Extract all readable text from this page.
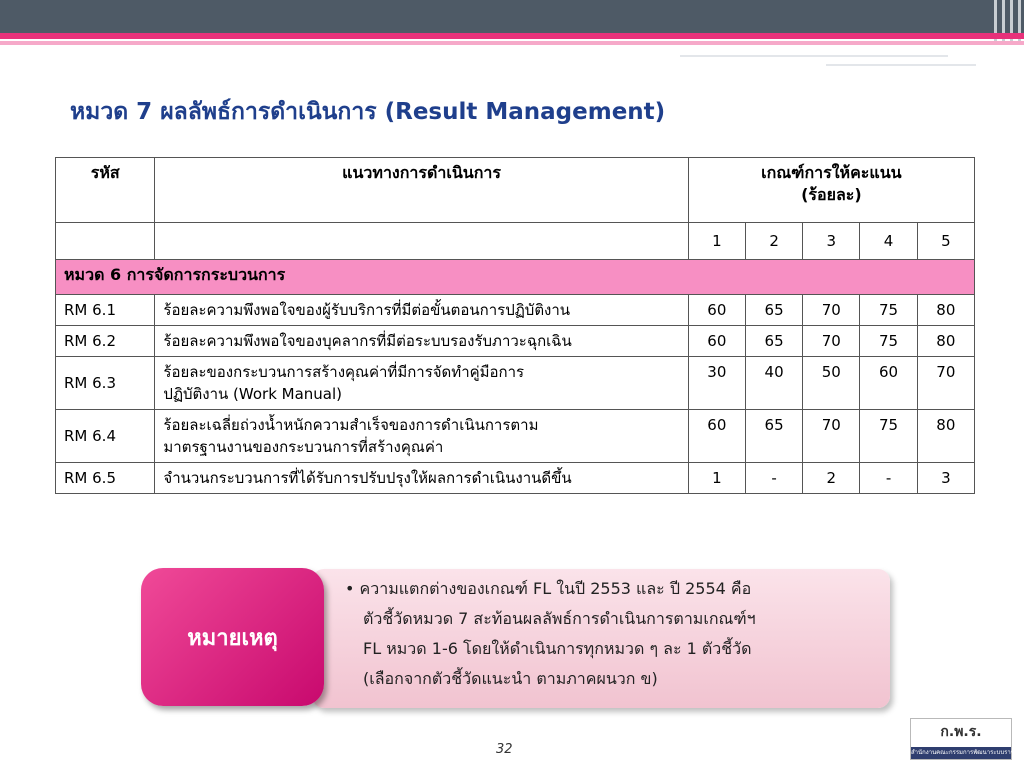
หมวด 7 ผลลัพธ์การดำเนินการ (Result Management)
รหัส	แนวทางการดำเนินการ	เกณฑ์การให้คะแนน
(ร้อยละ)				
		1	2	3	4	5
หมวด 6 การจัดการกระบวนการ						
RM 6.1	ร้อยละความพึงพอใจของผู้รับบริการที่มีต่อขั้นตอนการปฏิบัติงาน	60	65	70	75	80
RM 6.2	ร้อยละความพึงพอใจของบุคลากรที่มีต่อระบบรองรับภาวะฉุกเฉิน	60	65	70	75	80
RM 6.3	ร้อยละของกระบวนการสร้างคุณค่าที่มีการจัดทำคู่มือการ
ปฏิบัติงาน (Work Manual)	30	40	50	60	70
RM 6.4	ร้อยละเฉลี่ยถ่วงน้ำหนักความสำเร็จของการดำเนินการตาม
มาตรฐานงานของกระบวนการที่สร้างคุณค่า	60	65	70	75	80
RM 6.5	จำนวนกระบวนการที่ได้รับการปรับปรุงให้ผลการดำเนินงานดีขึ้น	1	-	2	-	3
หมายเหตุ
• ความแตกต่างของเกณฑ์ FL ในปี 2553 และ ปี 2554 คือ
ตัวชี้วัดหมวด 7 สะท้อนผลลัพธ์การดำเนินการตามเกณฑ์ฯ
FL หมวด 1-6 โดยให้ดำเนินการทุกหมวด ๆ ละ 1 ตัวชี้วัด
(เลือกจากตัวชี้วัดแนะนำ ตามภาคผนวก ข)
ก.พ.ร.
สำนักงานคณะกรรมการพัฒนาระบบราชการ
32
